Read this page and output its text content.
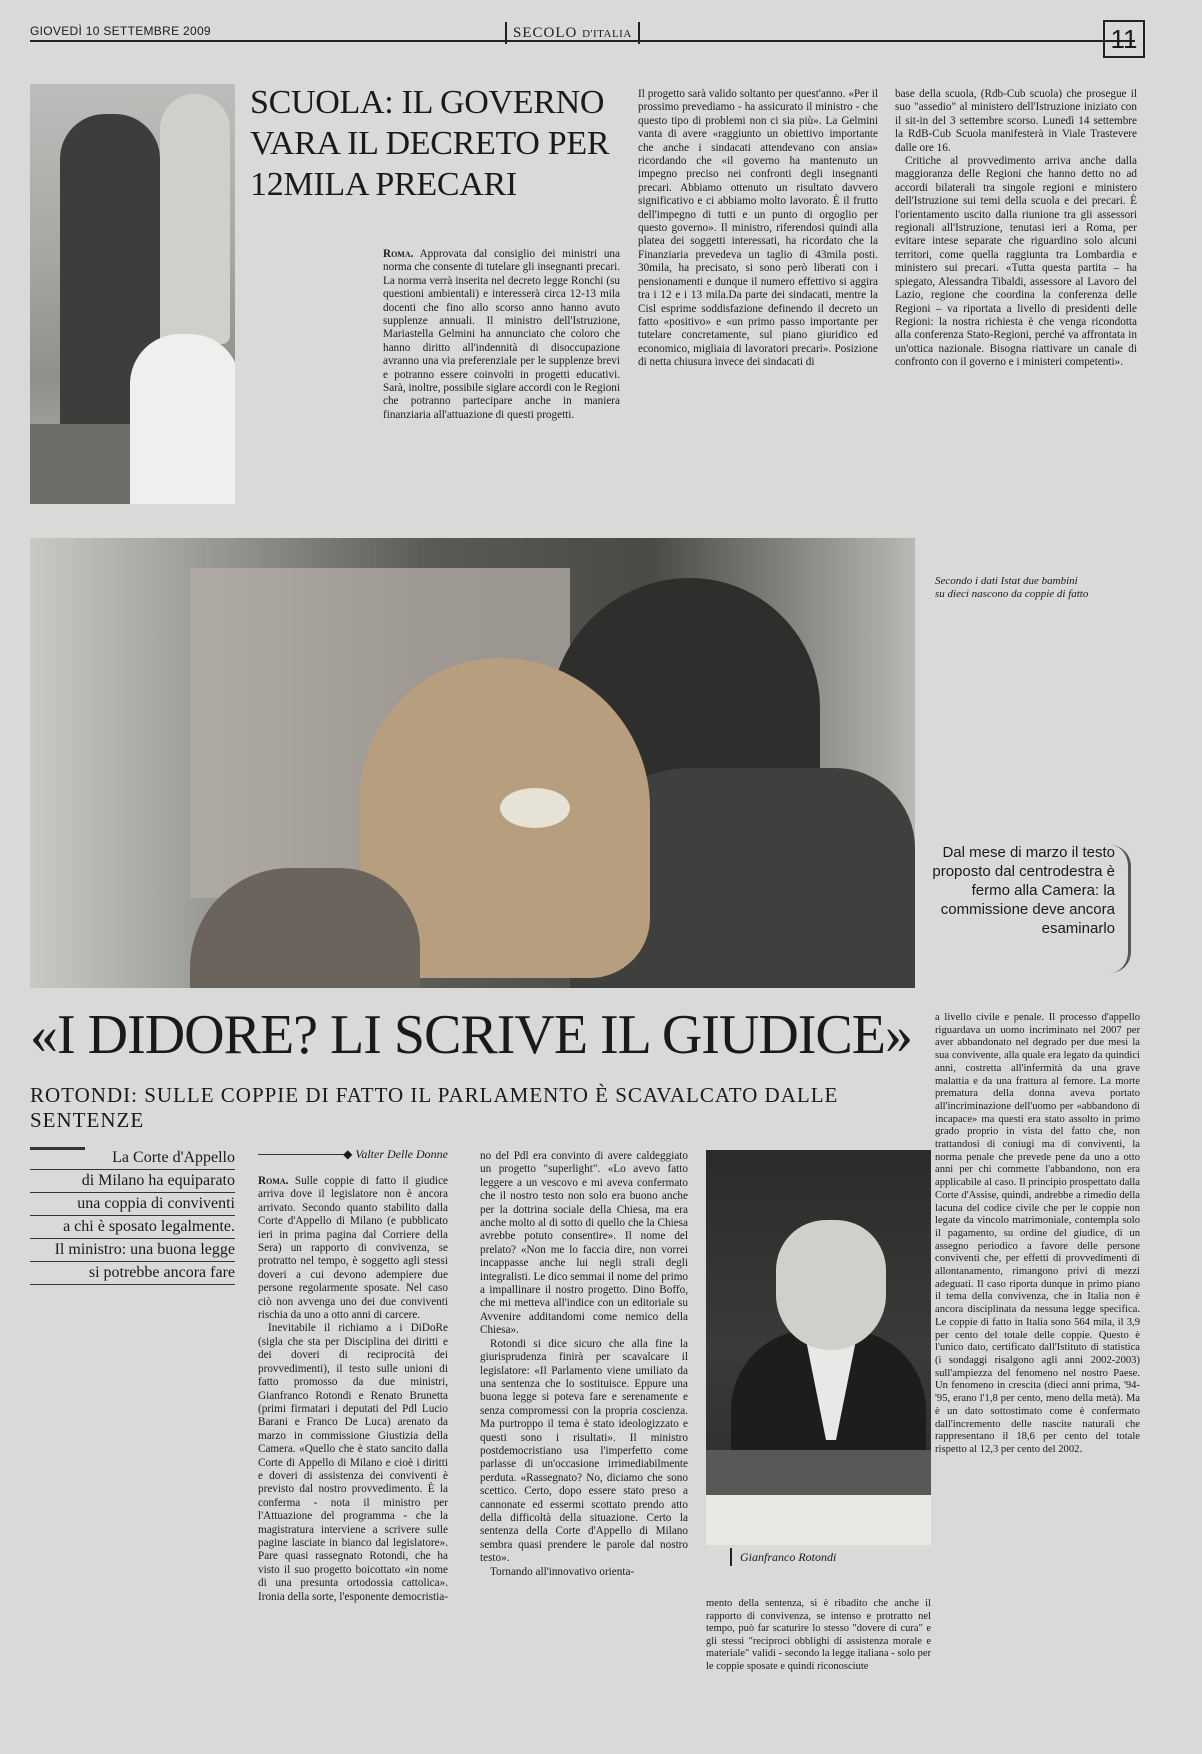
GIOVEDÌ 10 SETTEMBRE 2009	SECOLO D'ITALIA	11
SCUOLA: IL GOVERNO VARA IL DECRETO PER 12MILA PRECARI

Roma. Approvata dal consiglio dei ministri una norma che consente di tutelare gli insegnanti precari. La norma verrà inserita nel decreto legge Ronchi (su questioni ambientali) e interesserà circa 12-13 mila docenti che fino allo scorso anno hanno avuto supplenze annuali. Il ministro dell'Istruzione, Mariastella Gelmini ha annunciato che coloro che hanno diritto all'indennità di disoccupazione avranno una via preferenziale per le supplenze brevi e potranno essere coinvolti in progetti educativi. Sarà, inoltre, possibile siglare accordi con le Regioni che potranno partecipare anche in maniera finanziaria all'attuazione di questi progetti.

Il progetto sarà valido soltanto per quest'anno. «Per il prossimo prevediamo - ha assicurato il ministro - che questo tipo di problemi non ci sia più». La Gelmini vanta di avere «raggiunto un obiettivo importante che anche i sindacati attendevano con ansia» ricordando che «il governo ha mantenuto un impegno preciso nei confronti degli insegnanti precari. Abbiamo ottenuto un risultato davvero significativo e ci abbiamo molto lavorato. È il frutto dell'impegno di tutti e un punto di orgoglio per questo governo». Il ministro, riferendosi quindi alla platea dei soggetti interessati, ha ricordato che la Finanziaria prevedeva un taglio di 43mila posti. 30mila, ha precisato, si sono però liberati con i pensionamenti e dunque il numero effettivo si aggira tra i 12 e i 13 mila.Da parte dei sindacati, mentre la Cisl esprime soddisfazione definendo il decreto un fatto «positivo» e «un primo passo importante per tutelare concretamente, sul piano giuridico ed economico, migliaia di lavoratori precari». Posizione di netta chiusura invece dei sindacati di

base della scuola, (Rdb-Cub scuola) che prosegue il suo "assedio" al ministero dell'Istruzione iniziato con il sit-in del 3 settembre scorso. Lunedì 14 settembre la RdB-Cub Scuola manifesterà in Viale Trastevere dalle ore 16.

Critiche al provvedimento arriva anche dalla maggioranza delle Regioni che hanno detto no ad accordi bilaterali tra singole regioni e ministero dell'Istruzione sui temi della scuola e dei precari. È l'orientamento uscito dalla riunione tra gli assessori regionali all'Istruzione, tenutasi ieri a Roma, per evitare intese separate che riguardino solo alcuni territori, come quella raggiunta tra Lombardia e ministero sui precari. «Tutta questa partita – ha spiegato, Alessandra Tibaldi, assessore al Lavoro del Lazio, regione che coordina la conferenza delle Regioni – va riportata a livello di presidenti delle Regioni: la nostra richiesta è che venga ricondotta alla conferenza Stato-Regioni, perché va affrontata in un'ottica nazionale. Bisogna riattivare un canale di confronto con il governo e i ministeri competenti».

Secondo i dati Istat due bambini su dieci nascono da coppie di fatto
Dal mese di marzo il testo proposto dal centrodestra è fermo alla Camera: la commissione deve ancora esaminarlo
«I DIDORE? LI SCRIVE IL GIUDICE»
ROTONDI: SULLE COPPIE DI FATTO IL PARLAMENTO È SCAVALCATO DALLE SENTENZE
La Corte d'Appello
di Milano ha equiparato
una coppia di conviventi
a chi è sposato legalmente.
Il ministro: una buona legge
si potrebbe ancora fare
◆ Valter Delle Donne

Roma. Sulle coppie di fatto il giudice arriva dove il legislatore non è ancora arrivato. Secondo quanto stabilito dalla Corte d'Appello di Milano (e pubblicato ieri in prima pagina dal Corriere della Sera) un rapporto di convivenza, se protratto nel tempo, è soggetto agli stessi doveri a cui devono adempiere due persone regolarmente sposate. Nel caso ciò non avvenga uno dei due conviventi rischia da uno a otto anni di carcere.

Inevitabile il richiamo a i DiDoRe (sigla che sta per Disciplina dei diritti e dei doveri di reciprocità dei provvedimenti), il testo sulle unioni di fatto promosso da due ministri, Gianfranco Rotondi e Renato Brunetta (primi firmatari i deputati del Pdl Lucio Barani e Franco De Luca) arenato da marzo in commissione Giustizia della Camera. «Quello che è stato sancito dalla Corte di Appello di Milano e cioè i diritti e doveri di assistenza dei conviventi è previsto dal nostro provvedimento. È la conferma - nota il ministro per l'Attuazione del programma - che la magistratura interviene a scrivere sulle pagine lasciate in bianco dal legislatore». Pare quasi rassegnato Rotondi, che ha visto il suo progetto boicottato «in nome di una presunta ortodossia cattolica». Ironia della sorte, l'esponente democristia-

no del Pdl era convinto di avere caldeggiato un progetto "superlight". «Lo avevo fatto leggere a un vescovo e mi aveva confermato che il nostro testo non solo era buono anche per la dottrina sociale della Chiesa, ma era anche molto al di sotto di quello che la Chiesa avrebbe potuto consentire». Il nome del prelato? «Non me lo faccia dire, non vorrei incappasse anche lui negli strali degli integralisti. Le dico semmai il nome del primo a impallinare il nostro progetto. Dino Boffo, che mi metteva all'indice con un editoriale su Avvenire additandomi come nemico della Chiesa».

Rotondi si dice sicuro che alla fine la giurisprudenza finirà per scavalcare il legislatore: «Il Parlamento viene umiliato da una sentenza che lo sostituisce. Eppure una buona legge si poteva fare e serenamente e senza compromessi con la propria coscienza. Ma purtroppo il tema è stato ideologizzato e questi sono i risultati». Il ministro postdemocristiano usa l'imperfetto come parlasse di un'occasione irrimediabilmente perduta. «Rassegnato? No, diciamo che sono scettico. Certo, dopo essere stato preso a cannonate ed essermi scottato prendo atto della difficoltà della situazione. Certo la sentenza della Corte d'Appello di Milano sembra quasi prendere le parole dal nostro testo».

Tornando all'innovativo orienta-

Gianfranco Rotondi

mento della sentenza, si è ribadito che anche il rapporto di convivenza, se intenso e protratto nel tempo, può far scaturire lo stesso "dovere di cura" e gli stessi "reciproci obblighi di assistenza morale e materiale" validi - secondo la legge italiana - solo per le coppie sposate e quindi riconosciute

a livello civile e penale. Il processo d'appello riguardava un uomo incriminato nel 2007 per aver abbandonato nel degrado per due mesi la sua convivente, alla quale era legato da quindici anni, costretta all'infermità da una grave malattia e da una frattura al femore. La morte prematura della donna aveva portato all'incriminazione dell'uomo per «abbandono di incapace» ma questi era stato assolto in primo grado proprio in vista del fatto che, non trattandosi di coniugi ma di conviventi, la norma penale che prevede pene da uno a otto anni per chi commette l'abbandono, non era applicabile al caso. Il principio prospettato dalla Corte d'Assise, quindi, andrebbe a rimedio della lacuna del codice civile che per le coppie non legate da vincolo matrimoniale, contempla solo il pagamento, su ordine del giudice, di un assegno periodico a favore delle persone conviventi che, per effetti di provvedimenti di allontanamento, rimangono privi di mezzi adeguati. Il caso riporta dunque in primo piano il tema della convivenza, che in Italia non è ancora disciplinata da nessuna legge specifica. Le coppie di fatto in Italia sono 564 mila, il 3,9 per cento del totale delle coppie. Questo è l'unico dato, certificato dall'Istituto di statistica (i sondaggi risalgono agli anni 2002-2003) sull'ampiezza del fenomeno nel nostro Paese. Un fenomeno in crescita (dieci anni prima, '94-'95, erano l'1,8 per cento, meno della metà). Ma è un dato sottostimato come è confermato dall'incremento delle nascite naturali che rappresentano il 18,6 per cento del totale rispetto al 12,3 per cento del 2002.
